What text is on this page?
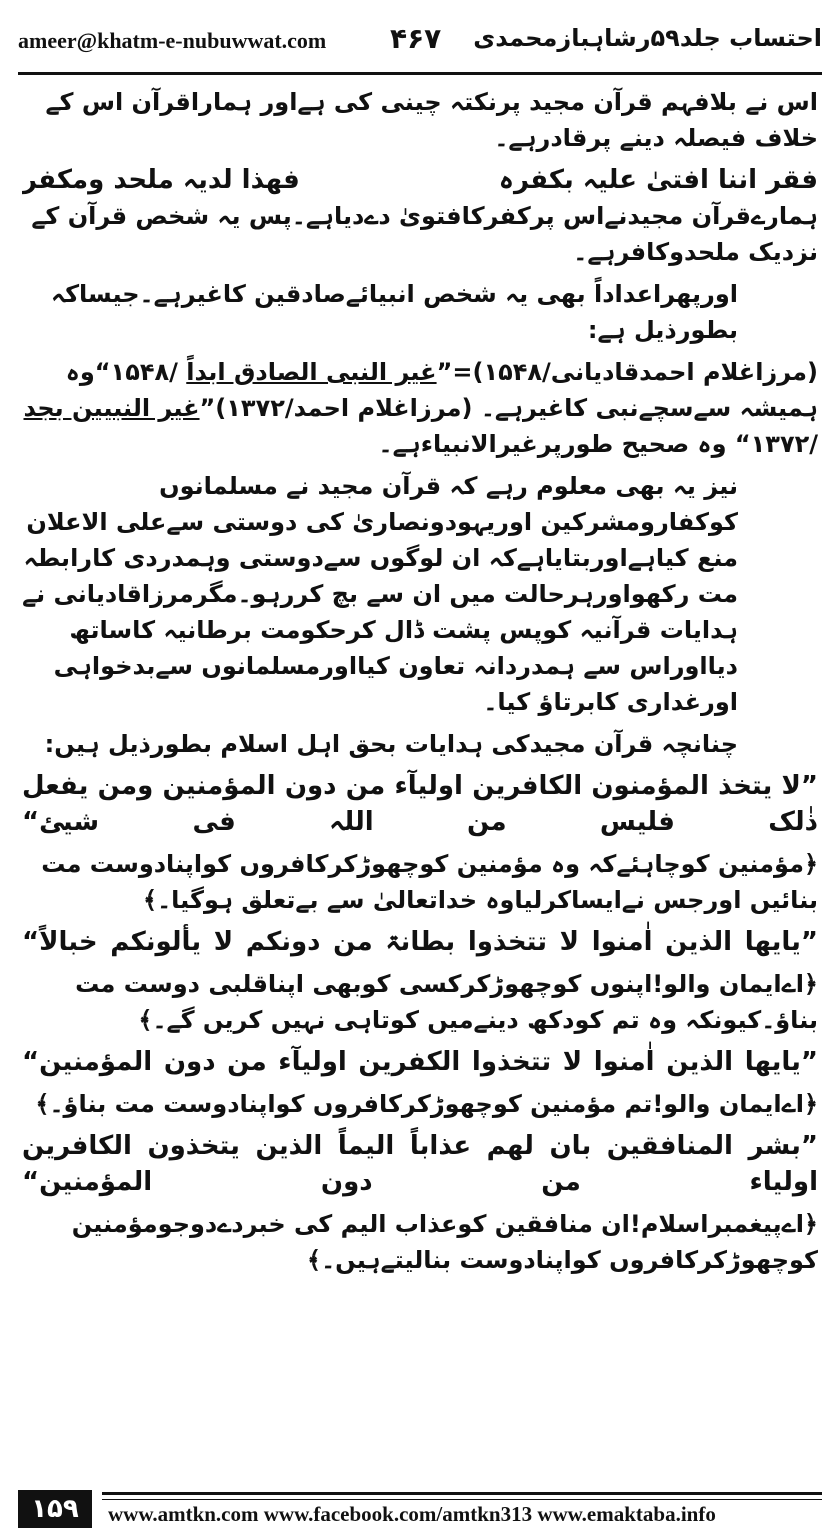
ameer@khatm-e-nubuwwat.com ۴۶۷ احتساب جلد۵۹رشاہبازمحمدی

اس نے بلافہم قرآن مجید پرنکتہ چینی کی ہےاور ہماراقرآن اس کے خلاف فیصلہ دینے پرقادرہے۔

فقر اننا افتیٰ علیہ بکفرہ
فھذا لدیہ ملحد ومکفر

ہمارےقرآن مجیدنےاس پرکفرکافتویٰ دےدیاہے۔پس یہ شخص قرآن کے نزدیک ملحدوکافرہے۔

اورپھراعداداً بھی یہ شخص انبیائےصادقین کاغیرہے۔جیساکہ بطورذیل ہے:

(مرزاغلام احمدقادیانی/۱۵۴۸)=”غیر النبی الصادق ابداً /۱۵۴۸“وہ ہمیشہ سےسچےنبی کاغیرہے۔ (مرزاغلام احمد/۱۳۷۲)”غیر النبیین بجد /۱۳۷۲“ وہ صحیح طورپرغیرالانبیاءہے۔

نیز یہ بھی معلوم رہے کہ قرآن مجید نے مسلمانوں کوکفارومشرکین اوریہودونصاریٰ کی دوستی سےعلی الاعلان منع کیاہےاوربتایاہےکہ ان لوگوں سےدوستی وہمدردی کارابطہ مت رکھواورہرحالت میں ان سے بچ کررہو۔مگرمرزاقادیانی نے ہدایات قرآنیہ کوپس پشت ڈال کرحکومت برطانیہ کاساتھ دیااوراس سے ہمدردانہ تعاون کیااورمسلمانوں سےبدخواہی اورغداری کابرتاؤ کیا۔

چنانچہ قرآن مجیدکی ہدایات بحق اہل اسلام بطورذیل ہیں:

”لا یتخذ المؤمنون الکافرین اولیآء من دون المؤمنین ومن یفعل ذٰلک فلیس من اللہ فی شیئ“

﴿مؤمنین کوچاہئےکہ وہ مؤمنین کوچھوڑکرکافروں کواپنادوست مت بنائیں اورجس نےایساکرلیاوہ خداتعالیٰ سے بےتعلق ہوگیا۔﴾

”یایھا الذین اٰمنوا لا تتخذوا بطانۃ من دونکم لا یألونکم خبالاً“

﴿اےایمان والو!اپنوں کوچھوڑکرکسی کوبھی اپناقلبی دوست مت بناؤ۔کیونکہ وہ تم کودکھ دینےمیں کوتاہی نہیں کریں گے۔﴾

”یایھا الذین اٰمنوا لا تتخذوا الکفرین اولیآء من دون المؤمنین“

﴿اےایمان والو!تم مؤمنین کوچھوڑکرکافروں کواپنادوست مت بناؤ۔﴾

”بشر المنافقین بان لھم عذاباً الیماً الذین یتخذون الکافرین اولیاء من دون المؤمنین“

﴿اےپیغمبراسلام!ان منافقین کوعذاب الیم کی خبردےدوجومؤمنین کوچھوڑکرکافروں کواپنادوست بنالیتےہیں۔﴾

۱۵۹	www.amtkn.com www.facebook.com/amtkn313 www.emaktaba.info
